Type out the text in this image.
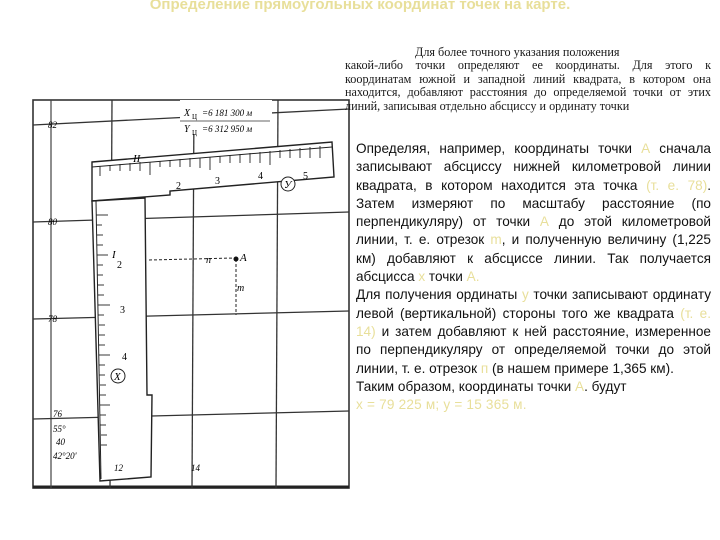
Определение прямоугольных координат точек на карте.
X Ц =6 181 300 м
Y Ц =6 312 950 м
II
2	3	4	5
У
I
2
3
4
Х
А
п
m
82
80
78
76
55°
40
42°20'
12	14
Для более точного указания положения
какой-либо точки определяют ее координаты. Для этого к координатам южной и западной линий квадрата, в котором она находится, добавляют расстояния до определяемой точки от этих линий, записывая отдельно абсциссу и ординату точки

Определяя, например, координаты точки А сначала записывают абсциссу нижней километровой линии квадрата, в котором находится эта точка (т. е. 78). Затем измеряют по масштабу расстояние (по перпендикуляру) от точки А до этой километровой линии, т. е. отрезок m, и полученную величину (1,225 км) добавляют к абсциссе линии. Так получается абсцисса х точки А.

Для получения ординаты у точки записывают ординату левой (вертикальной) стороны того же квадрата (т. е. 14) и затем добавляют к ней расстояние, измеренное по перпендикуляру от определяемой точки до этой линии, т. е. отрезок п (в нашем примере 1,365 км).

Таким образом, координаты точки А. будут

х = 79 225 м; у = 15 365 м.
